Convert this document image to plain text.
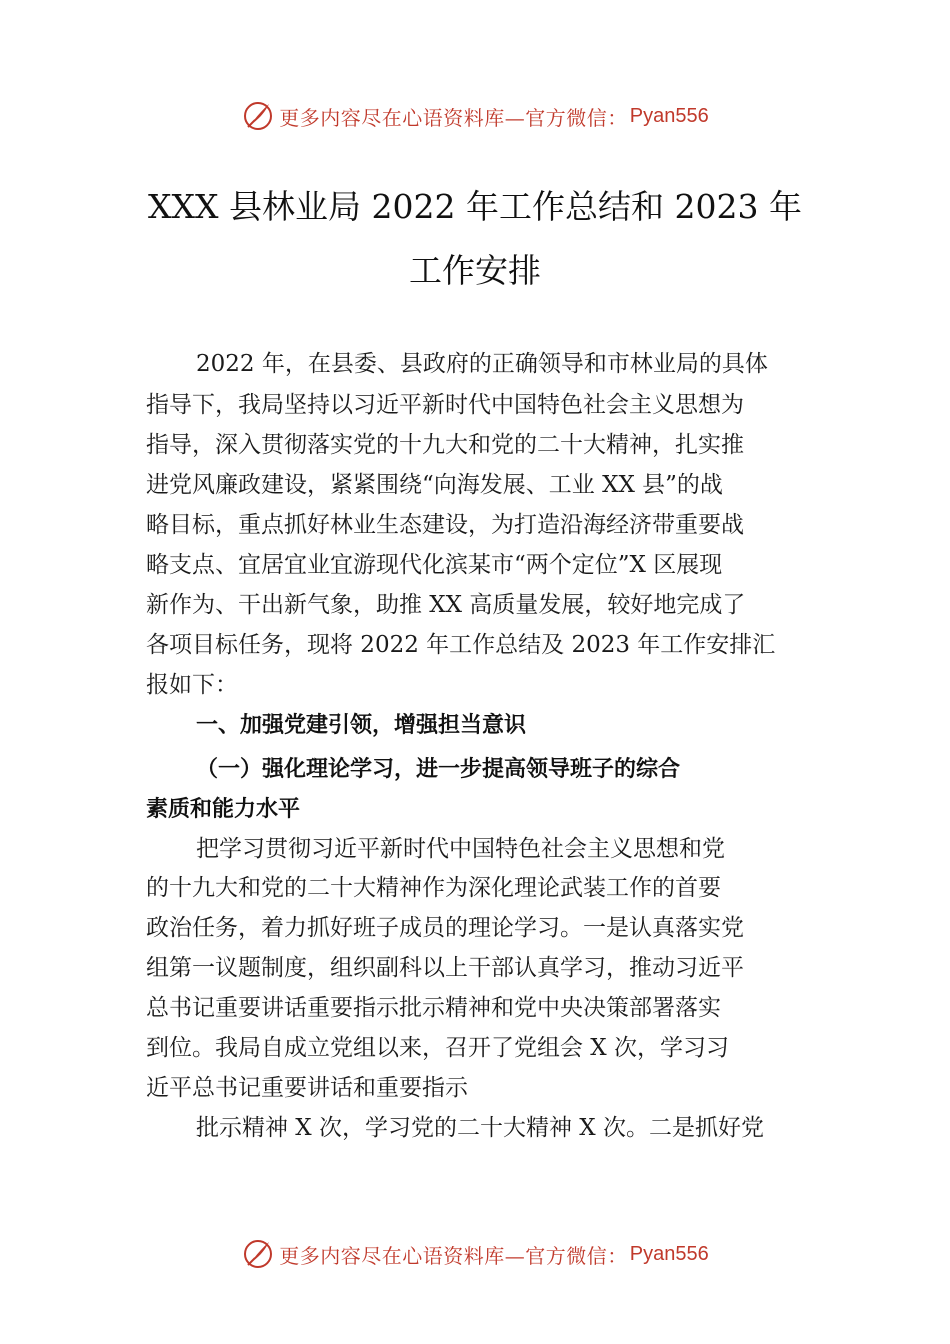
更多内容尽在心语资料库—官方微信： Pyan556
XXX 县林业局 2022 年工作总结和 2023 年
工作安排
2022 年，在县委、县政府的正确领导和市林业局的具体
指导下，我局坚持以习近平新时代中国特色社会主义思想为
指导，深入贯彻落实党的十九大和党的二十大精神，扎实推
进党风廉政建设，紧紧围绕“向海发展、工业 XX 县”的战
略目标，重点抓好林业生态建设，为打造沿海经济带重要战
略支点、宜居宜业宜游现代化滨某市“两个定位”X 区展现
新作为、干出新气象，助推 XX 高质量发展，较好地完成了
各项目标任务，现将 2022 年工作总结及 2023 年工作安排汇
报如下：
一、加强党建引领，增强担当意识
（一）强化理论学习，进一步提高领导班子的综合
素质和能力水平
把学习贯彻习近平新时代中国特色社会主义思想和党
的十九大和党的二十大精神作为深化理论武装工作的首要
政治任务，着力抓好班子成员的理论学习。一是认真落实党
组第一议题制度，组织副科以上干部认真学习，推动习近平
总书记重要讲话重要指示批示精神和党中央决策部署落实
到位。我局自成立党组以来，召开了党组会 X 次，学习习
近平总书记重要讲话和重要指示
批示精神 X 次，学习党的二十大精神 X 次。二是抓好党
更多内容尽在心语资料库—官方微信： Pyan556
